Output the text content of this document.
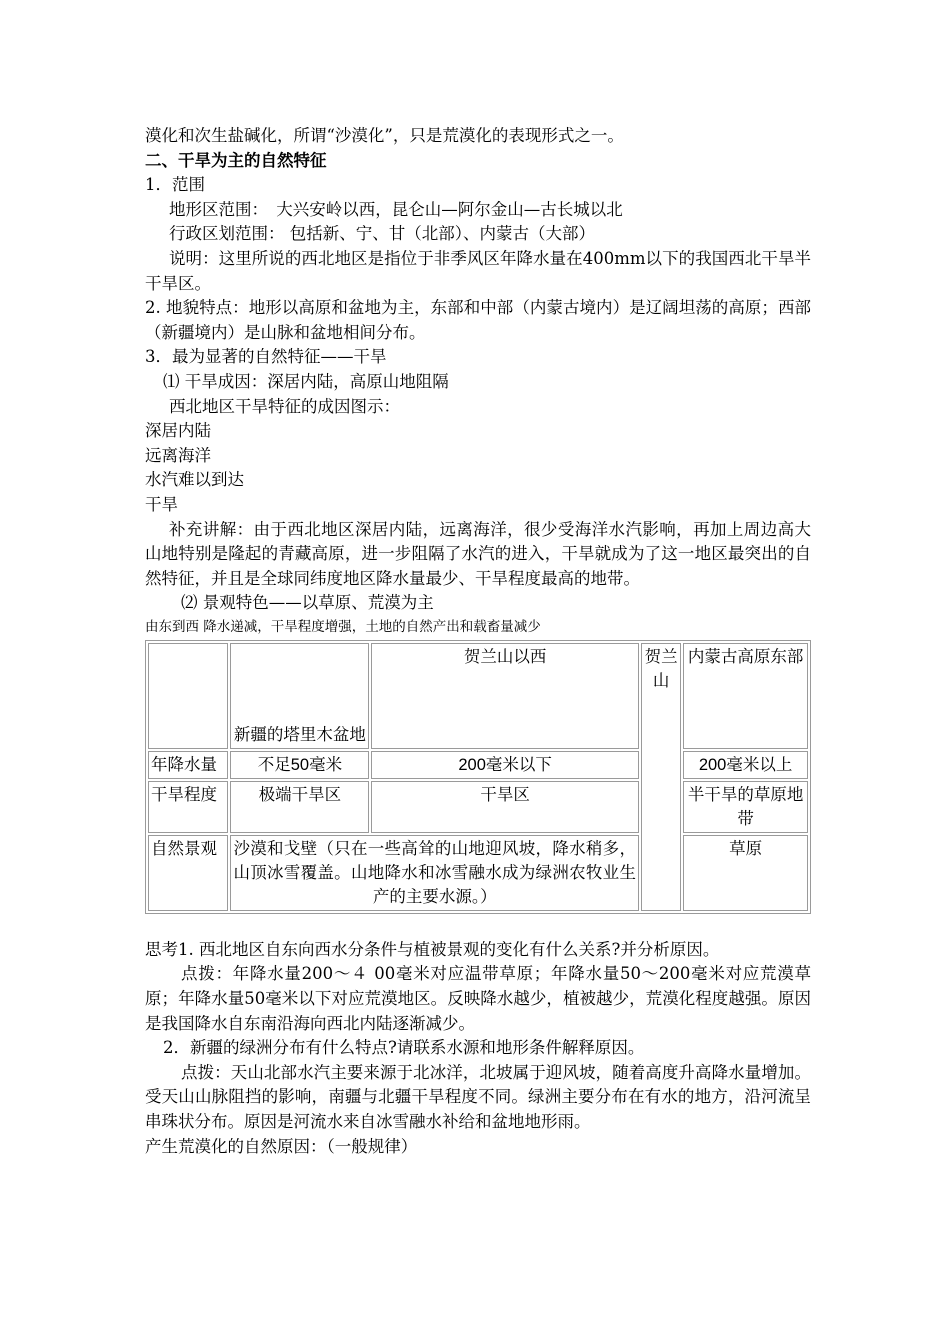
漠化和次生盐碱化，所谓“沙漠化”，只是荒漠化的表现形式之一。

二、干旱为主的自然特征

1．范围

地形区范围：　大兴安岭以西，昆仑山—阿尔金山—古长城以北

行政区划范围： 包括新、宁、甘（北部）、内蒙古（大部）

说明：这里所说的西北地区是指位于非季风区年降水量在400mm以下的我国西北干旱半干旱区。

2. 地貌特点：地形以高原和盆地为主，东部和中部（内蒙古境内）是辽阔坦荡的高原；西部（新疆境内）是山脉和盆地相间分布。

3．最为显著的自然特征——干旱

⑴ 干旱成因：深居内陆，高原山地阻隔

西北地区干旱特征的成因图示：

深居内陆

远离海洋

水汽难以到达

干旱

补充讲解：由于西北地区深居内陆，远离海洋，很少受海洋水汽影响，再加上周边高大山地特别是隆起的青藏高原，进一步阻隔了水汽的进入，干旱就成为了这一地区最突出的自然特征，并且是全球同纬度地区降水量最少、干旱程度最高的地带。

⑵ 景观特色——以草原、荒漠为主

由东到西 降水递减，干旱程度增强，土地的自然产出和载畜量减少

	新疆的塔里木盆地	贺兰山以西	贺兰山	内蒙古高原东部
年降水量	不足50毫米	200毫米以下		200毫米以上
干旱程度	极端干旱区	干旱区		半干旱的草原地带
自然景观	沙漠和戈壁（只在一些高耸的山地迎风坡，降水稍多，山顶冰雪覆盖。山地降水和冰雪融水成为绿洲农牧业生产的主要水源。）			草原

思考1. 西北地区自东向西水分条件与植被景观的变化有什么关系?并分析原因。

点拨：年降水量200～４ 00毫米对应温带草原；年降水量50～200毫米对应荒漠草原；年降水量50毫米以下对应荒漠地区。反映降水越少，植被越少，荒漠化程度越强。原因是我国降水自东南沿海向西北内陆逐渐减少。

2．新疆的绿洲分布有什么特点?请联系水源和地形条件解释原因。

点拨：天山北部水汽主要来源于北冰洋，北坡属于迎风坡，随着高度升高降水量增加。受天山山脉阻挡的影响，南疆与北疆干旱程度不同。绿洲主要分布在有水的地方，沿河流呈串珠状分布。原因是河流水来自冰雪融水补给和盆地地形雨。

产生荒漠化的自然原因：（一般规律）
